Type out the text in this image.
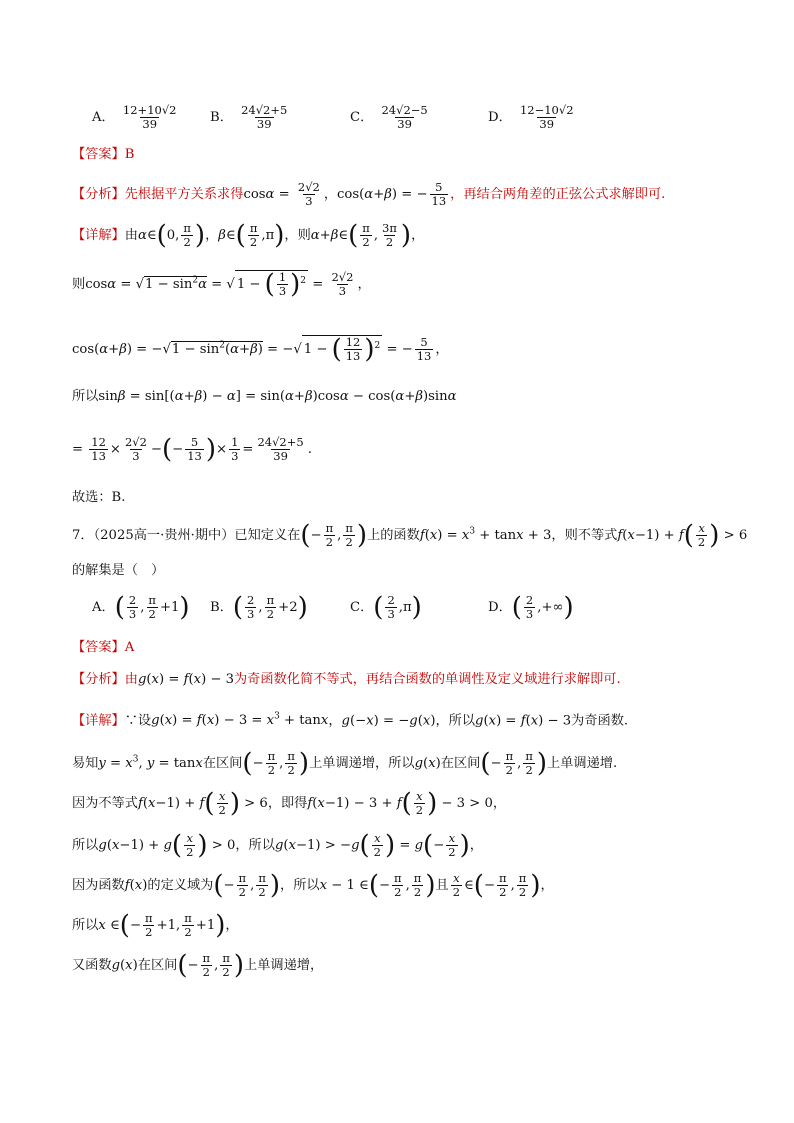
A． $\frac{12+10√2}{39}$ B． $\frac{24√2+5}{39}$	C． $\frac{24√2-5}{39}$	D． $\frac{12-10√2}{39}$
【答案】B
【分析】先根据平方关系求得$\cos\alpha = \frac{2√2}{3}$ ，cos(α+β) = − $\frac{5}{13}$ ，再结合两角差的正弦公式求解即可.
【详解】由α∈(0, $\frac{\pi}{2}$ )，β∈( $\frac{\pi}{2} ,\pi$)，则α+β∈( $\frac{\pi}{2}$ , $\frac{3\pi}{2}$ )，
则$\cos\alpha = √1 - \sin^2\alpha$ = √ 1 − ( $\frac{1}{3} )^2 = \frac{2√2}{3}$ ，
$\cos(\alpha+\beta) = -√1 - \sin^2(\alpha+\beta)$ = −√ 1 − ( $\frac{12}{13} )^2$ = − $\frac{5}{13}$ ，
所以sinβ = sin[(α+β) − α] = sin(α+β)cosα − cos(α+β)sinα
= $\frac{12}{13} \times \frac{2√2}{3}$ −(− $\frac{5}{13}$ )× $\frac{1}{3} = \frac{24√2+5}{39}$ .
故选：B.
7．（2025高一·贵州·期中）已知定义在(− $\frac{\pi}{2}$ , $\frac{\pi}{2}$ )上的函数$f(x) = x^3 + \tan x + 3$，则不等式$f(x-1) + f( \frac{x}{2}$ ) > 6
的解集是（　）
A．( $\frac{2}{3}$ , $\frac{\pi}{2} +1$) B．( $\frac{2}{3}$ , $\frac{\pi}{2} +2$)	C．( $\frac{2}{3} ,\pi$)	D．( $\frac{2}{3}$ ,+∞)
【答案】A
【分析】由g(x) = f(x) − 3为奇函数化简不等式，再结合函数的单调性及定义域进行求解即可.
【详解】∵设$g(x) = f(x) - 3 = x^3 + \tan x$，g(−x) = −g(x)，所以g(x) = f(x) − 3为奇函数.
易知$y = x^3$, y = tanx在区间(− $\frac{\pi}{2}$ , $\frac{\pi}{2}$ )上单调递增，所以g(x)在区间(− $\frac{\pi}{2}$ , $\frac{\pi}{2}$ )上单调递增.
因为不等式$f(x-1) + f( \frac{x}{2}$ ) > 6，即得$f(x-1) - 3 + f( \frac{x}{2}$ ) − 3 > 0，
所以$g(x-1) + g( \frac{x}{2}$ ) > 0，所以$g(x-1) > -g( \frac{x}{2}$ ) = $g(- \frac{x}{2}$ )，
因为函数f(x)的定义域为(− $\frac{\pi}{2}$ , $\frac{\pi}{2}$ )，所以x − 1 ∈(− $\frac{\pi}{2}$ , $\frac{\pi}{2}$ )且 $\frac{x}{2}$ ∈(− $\frac{\pi}{2}$ , $\frac{\pi}{2}$ )，
所以x ∈(− $\frac{\pi}{2} +1$, $\frac{\pi}{2} +1$)，
又函数g(x)在区间(− $\frac{\pi}{2}$ , $\frac{\pi}{2}$ )上单调递增，
